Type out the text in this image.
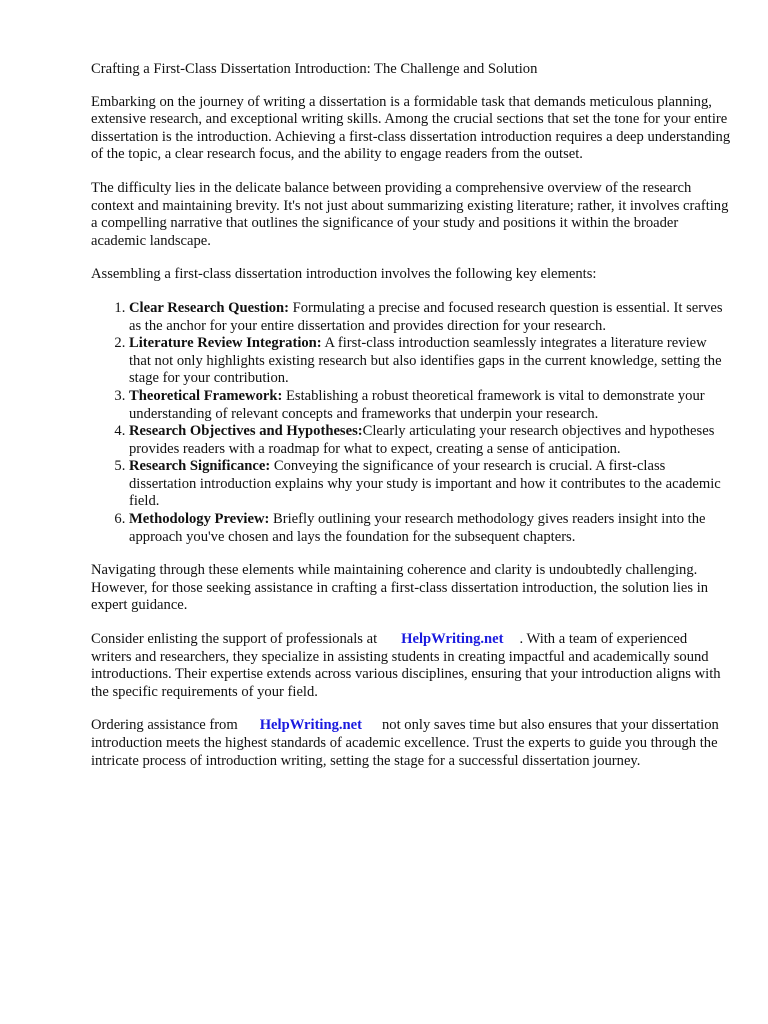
Crafting a First-Class Dissertation Introduction: The Challenge and Solution

Embarking on the journey of writing a dissertation is a formidable task that demands meticulous planning, extensive research, and exceptional writing skills. Among the crucial sections that set the tone for your entire dissertation is the introduction. Achieving a first-class dissertation introduction requires a deep understanding of the topic, a clear research focus, and the ability to engage readers from the outset.

The difficulty lies in the delicate balance between providing a comprehensive overview of the research context and maintaining brevity. It's not just about summarizing existing literature; rather, it involves crafting a compelling narrative that outlines the significance of your study and positions it within the broader academic landscape.

Assembling a first-class dissertation introduction involves the following key elements:

1. Clear Research Question: Formulating a precise and focused research question is essential. It serves as the anchor for your entire dissertation and provides direction for your research.
2. Literature Review Integration: A first-class introduction seamlessly integrates a literature review that not only highlights existing research but also identifies gaps in the current knowledge, setting the stage for your contribution.
3. Theoretical Framework: Establishing a robust theoretical framework is vital to demonstrate your understanding of relevant concepts and frameworks that underpin your research.
4. Research Objectives and Hypotheses:Clearly articulating your research objectives and hypotheses provides readers with a roadmap for what to expect, creating a sense of anticipation.
5. Research Significance: Conveying the significance of your research is crucial. A first-class dissertation introduction explains why your study is important and how it contributes to the academic field.
6. Methodology Preview: Briefly outlining your research methodology gives readers insight into the approach you've chosen and lays the foundation for the subsequent chapters.

Navigating through these elements while maintaining coherence and clarity is undoubtedly challenging. However, for those seeking assistance in crafting a first-class dissertation introduction, the solution lies in expert guidance.

Consider enlisting the support of professionals at HelpWriting.net . With a team of experienced writers and researchers, they specialize in assisting students in creating impactful and academically sound introductions. Their expertise extends across various disciplines, ensuring that your introduction aligns with the specific requirements of your field.

Ordering assistance from HelpWriting.net not only saves time but also ensures that your dissertation introduction meets the highest standards of academic excellence. Trust the experts to guide you through the intricate process of introduction writing, setting the stage for a successful dissertation journey.
